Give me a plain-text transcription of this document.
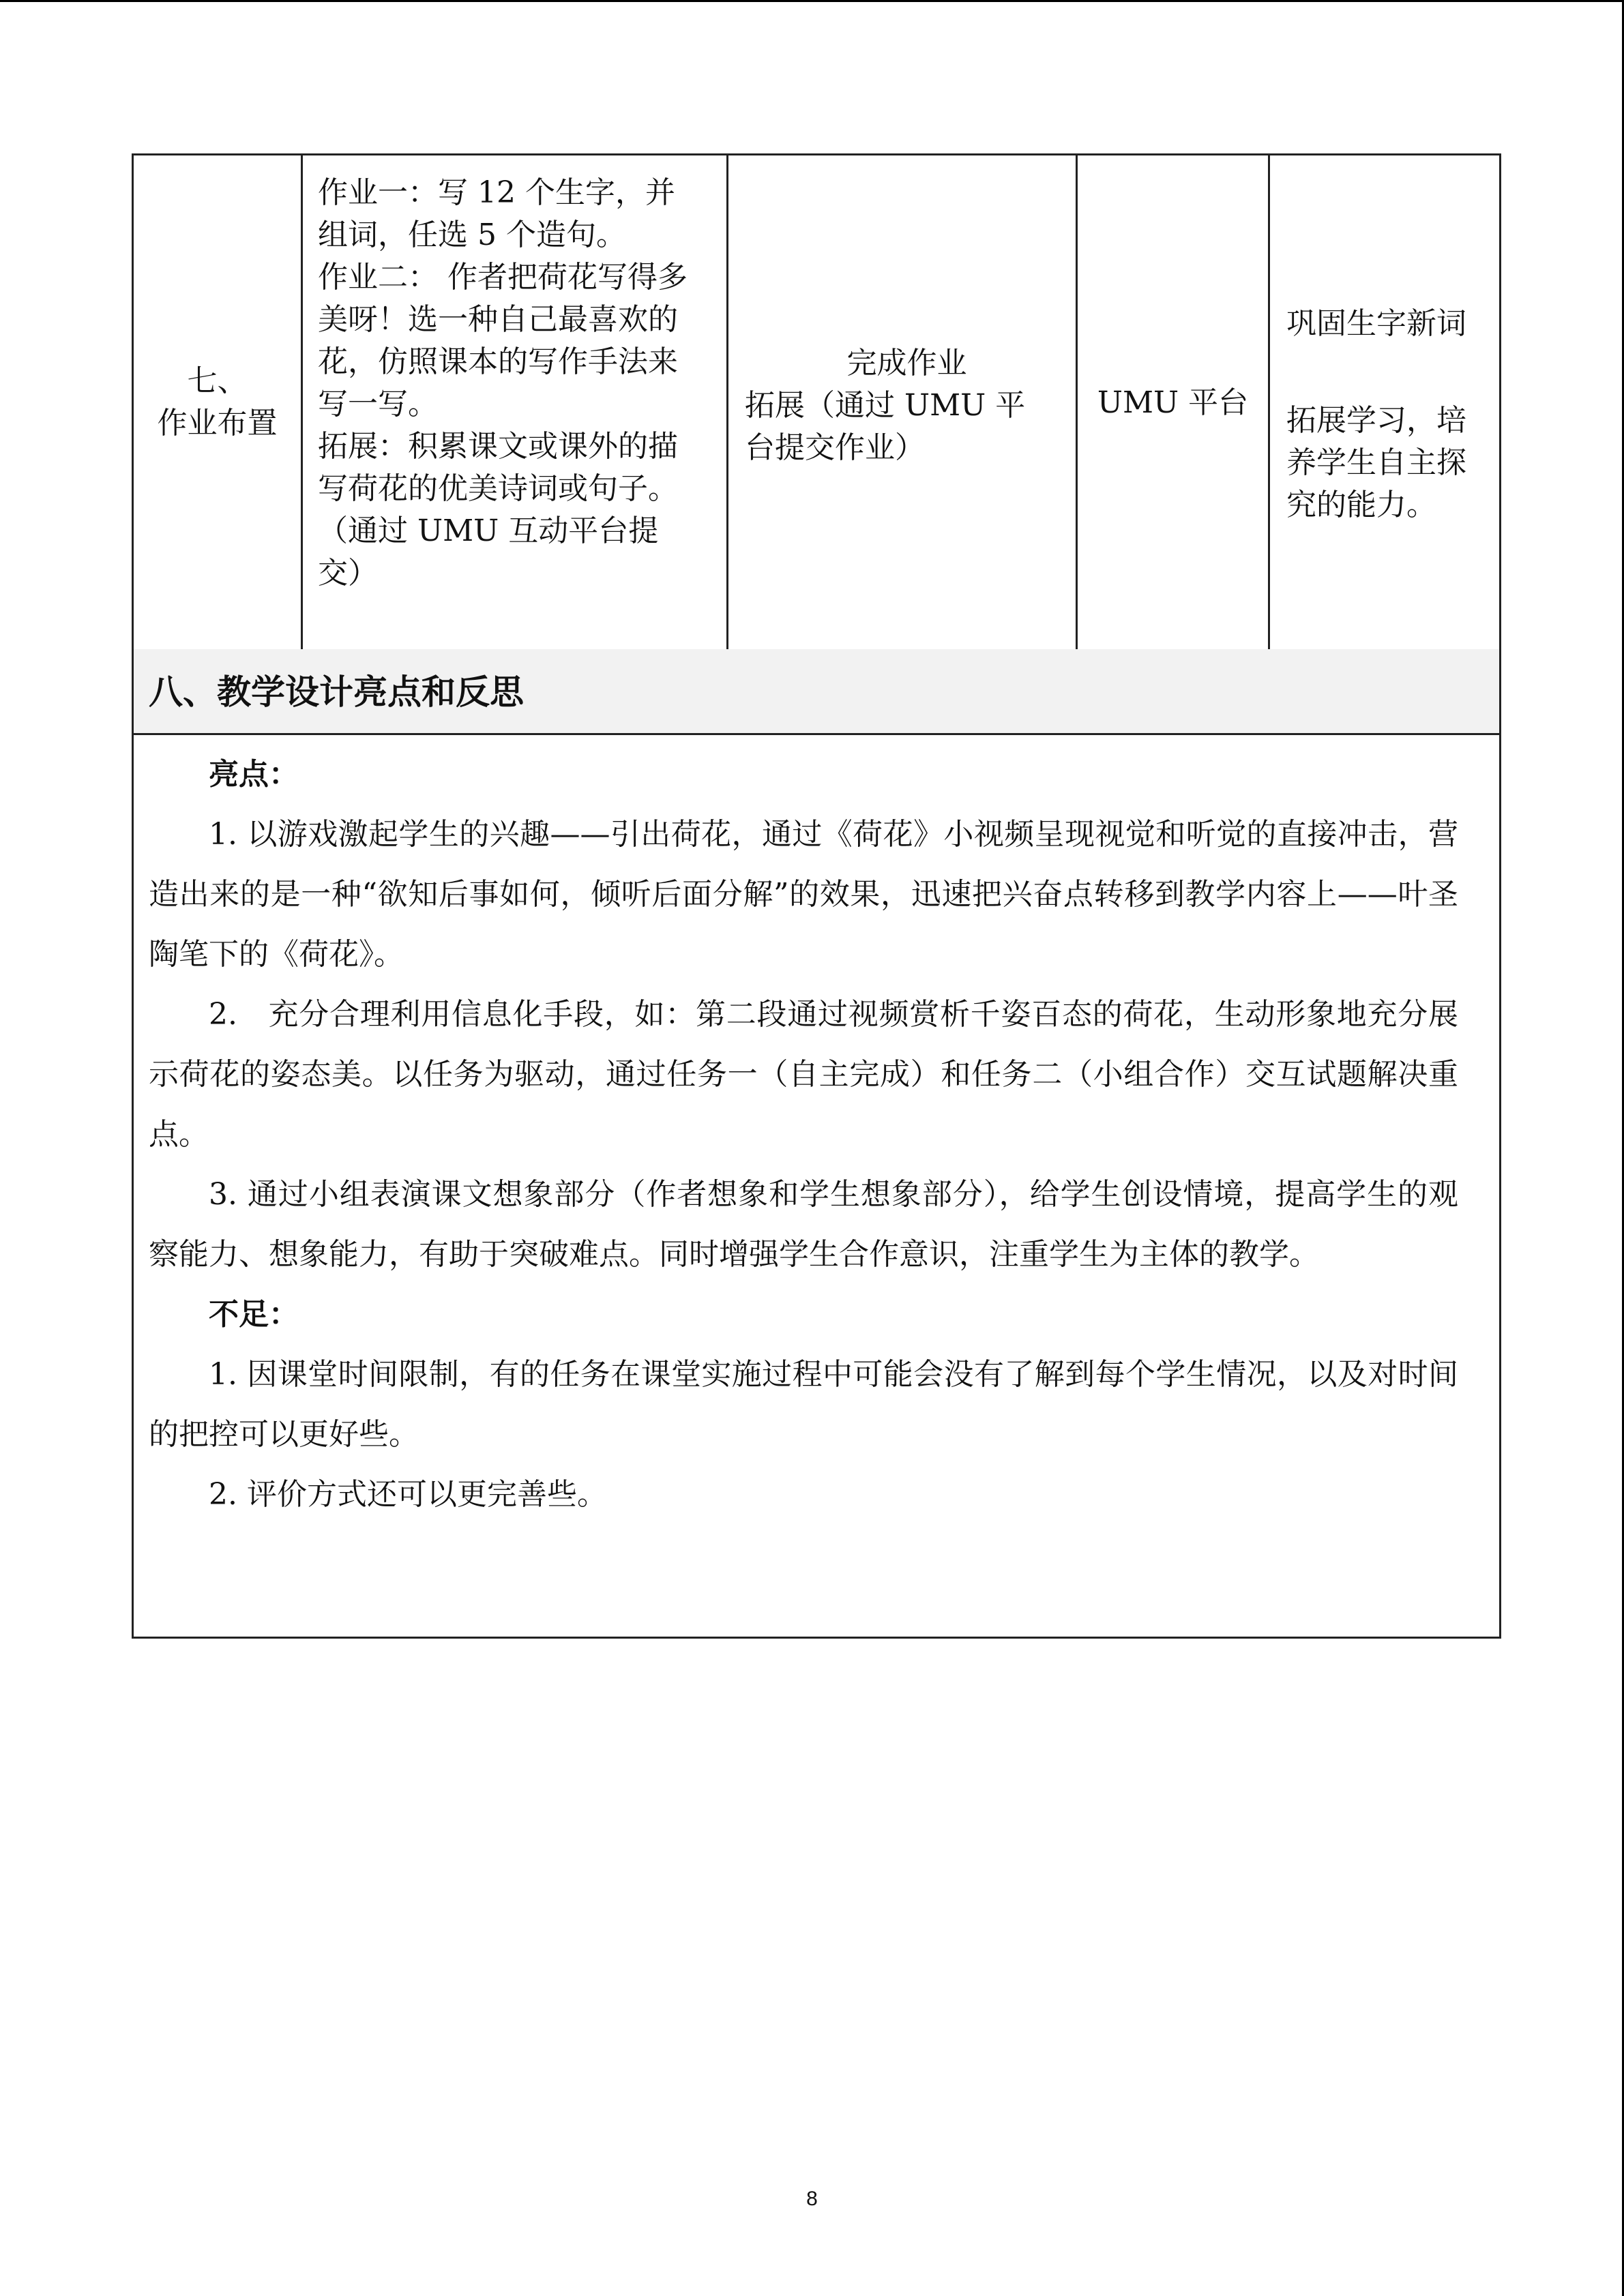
七、
作业布置
作业一：写 12 个生字，并
组词，任选 5 个造句。
作业二： 作者把荷花写得多
美呀！选一种自己最喜欢的
花，仿照课本的写作手法来
写一写。
拓展：积累课文或课外的描
写荷花的优美诗词或句子。
（通过 UMU 互动平台提
交）
完成作业
拓展（通过 UMU 平
台提交作业）
UMU 平台
巩固生字新词
拓展学习，培
养学生自主探
究的能力。
八、教学设计亮点和反思
亮点：
1. 以游戏激起学生的兴趣——引出荷花，通过《荷花》小视频呈现视觉和听觉的直接冲击，营造出来的是一种“欲知后事如何，倾听后面分解”的效果，迅速把兴奋点转移到教学内容上——叶圣陶笔下的《荷花》。
2.　充分合理利用信息化手段，如：第二段通过视频赏析千姿百态的荷花，生动形象地充分展示荷花的姿态美。以任务为驱动，通过任务一（自主完成）和任务二（小组合作）交互试题解决重点。
3. 通过小组表演课文想象部分（作者想象和学生想象部分），给学生创设情境，提高学生的观察能力、想象能力，有助于突破难点。同时增强学生合作意识，注重学生为主体的教学。
不足：
1. 因课堂时间限制，有的任务在课堂实施过程中可能会没有了解到每个学生情况，以及对时间的把控可以更好些。
2. 评价方式还可以更完善些。
8
